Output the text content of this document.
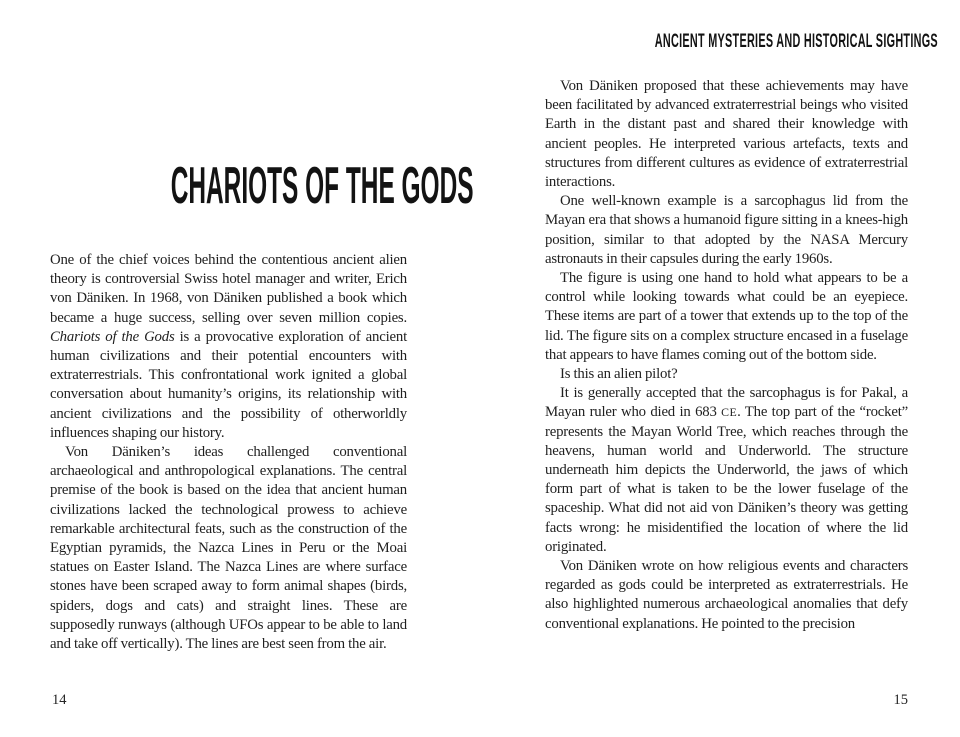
CHARIOTS OF THE GODS

One of the chief voices behind the contentious ancient alien theory is controversial Swiss hotel manager and writer, Erich von Däniken. In 1968, von Däniken published a book which became a huge success, selling over seven million copies. Chariots of the Gods is a provocative exploration of ancient human civilizations and their potential encounters with extraterrestrials. This confrontational work ignited a global conversation about humanity’s origins, its relationship with ancient civilizations and the possibility of otherworldly influences shaping our history.

Von Däniken’s ideas challenged conventional archaeological and anthropological explanations. The central premise of the book is based on the idea that ancient human civilizations lacked the technological prowess to achieve remarkable architectural feats, such as the construction of the Egyptian pyramids, the Nazca Lines in Peru or the Moai statues on Easter Island. The Nazca Lines are where surface stones have been scraped away to form animal shapes (birds, spiders, dogs and cats) and straight lines. These are supposedly runways (although UFOs appear to be able to land and take off vertically). The lines are best seen from the air.

14
ANCIENT MYSTERIES AND HISTORICAL SIGHTINGS

Von Däniken proposed that these achievements may have been facilitated by advanced extraterrestrial beings who visited Earth in the distant past and shared their knowledge with ancient peoples. He interpreted various artefacts, texts and structures from different cultures as evidence of extraterrestrial interactions.

One well-known example is a sarcophagus lid from the Mayan era that shows a humanoid figure sitting in a knees-high position, similar to that adopted by the NASA Mercury astronauts in their capsules during the early 1960s.

The figure is using one hand to hold what appears to be a control while looking towards what could be an eyepiece. These items are part of a tower that extends up to the top of the lid. The figure sits on a complex structure encased in a fuselage that appears to have flames coming out of the bottom side.

Is this an alien pilot?

It is generally accepted that the sarcophagus is for Pakal, a Mayan ruler who died in 683 CE. The top part of the “rocket” represents the Mayan World Tree, which reaches through the heavens, human world and Underworld. The structure underneath him depicts the Underworld, the jaws of which form part of what is taken to be the lower fuselage of the spaceship. What did not aid von Däniken’s theory was getting facts wrong: he misidentified the location of where the lid originated.

Von Däniken wrote on how religious events and characters regarded as gods could be interpreted as extraterrestrials. He also highlighted numerous archaeological anomalies that defy conventional explanations. He pointed to the precision

15
